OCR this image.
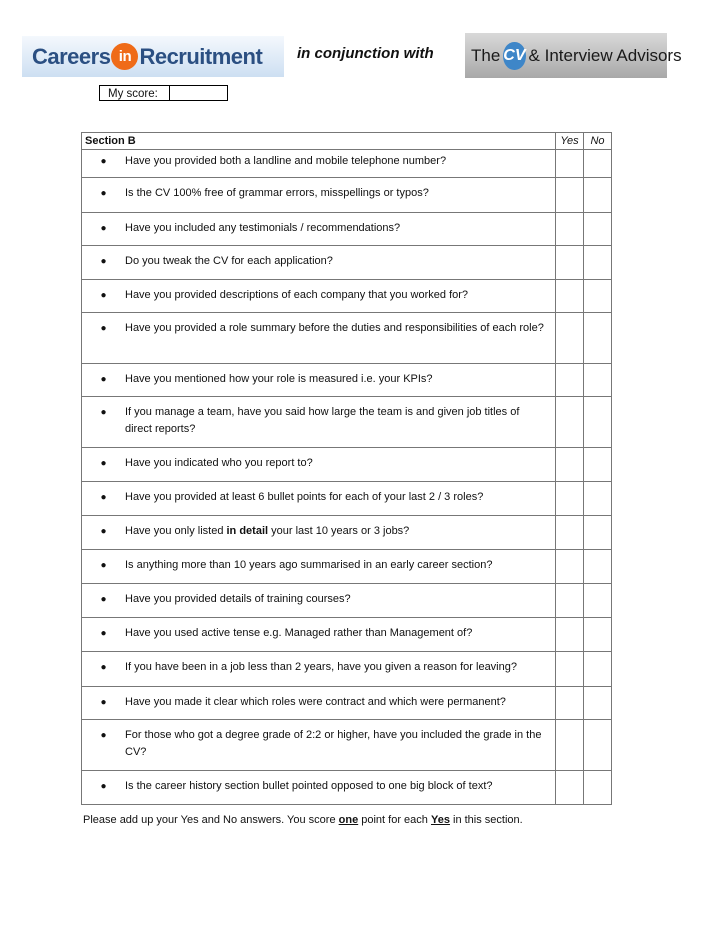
Careers in Recruitment in conjunction with The CV & Interview Advisors
My score:
Section B	Yes	No

● Have you provided both a landline and mobile telephone number?		

● Is the CV 100% free of grammar errors, misspellings or typos?		

● Have you included any testimonials / recommendations?		

● Do you tweak the CV for each application?		

● Have you provided descriptions of each company that you worked for?		

● Have you provided a role summary before the duties and responsibilities of each role?		

● Have you mentioned how your role is measured i.e. your KPIs?		

● If you manage a team, have you said how large the team is and given job titles of direct reports?		

● Have you indicated who you report to?		

● Have you provided at least 6 bullet points for each of your last 2 / 3 roles?		

● Have you only listed in detail your last 10 years or 3 jobs?		

● Is anything more than 10 years ago summarised in an early career section?		

● Have you provided details of training courses?		

● Have you used active tense e.g. Managed rather than Management of?		

● If you have been in a job less than 2 years, have you given a reason for leaving?		

● Have you made it clear which roles were contract and which were permanent?		

● For those who got a degree grade of 2:2 or higher, have you included the grade in the CV?		

● Is the career history section bullet pointed opposed to one big block of text?		

Please add up your Yes and No answers. You score one point for each Yes in this section.
